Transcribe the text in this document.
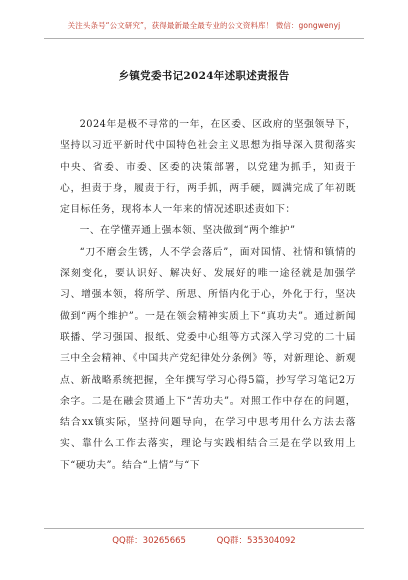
关注头条号“公文研究”，获得最新最全最专业的公文资料库！ 微信：gongwenyj
乡镇党委书记2024年述职述责报告

2024年是极不寻常的一年，在区委、区政府的坚强领导下，坚持以习近平新时代中国特色社会主义思想为指导深入贯彻落实中央、省委、市委、区委的决策部署，以党建为抓手，知责于心，担责于身，履责于行，两手抓，两手硬，圆满完成了年初既定目标任务，现将本人一年来的情况述职述责如下：

一、在学懂弄通上强本领、坚决做到“两个维护”

“刀不磨会生锈，人不学会落后”，面对国情、社情和镇情的深刻变化，要认识好、解决好、发展好的唯一途径就是加强学习、增强本领，将所学、所思、所悟内化于心，外化于行，坚决做到“两个维护”。一是在领会精神实质上下“真功夫”。通过新闻联播、学习强国、报纸、党委中心组等方式深入学习党的二十届三中全会精神、《中国共产党纪律处分条例》等，对新理论、新观点、新战略系统把握，全年撰写学习心得5篇，抄写学习笔记2万余字。二是在融会贯通上下“苦功夫”。对照工作中存在的问题，结合xx镇实际，坚持问题导向，在学习中思考用什么方法去落实、靠什么工作去落实，理论与实践相结合三是在学以致用上下“硬功夫”。结合“上情”与“下

QQ群：30265665	QQ群：535304092
